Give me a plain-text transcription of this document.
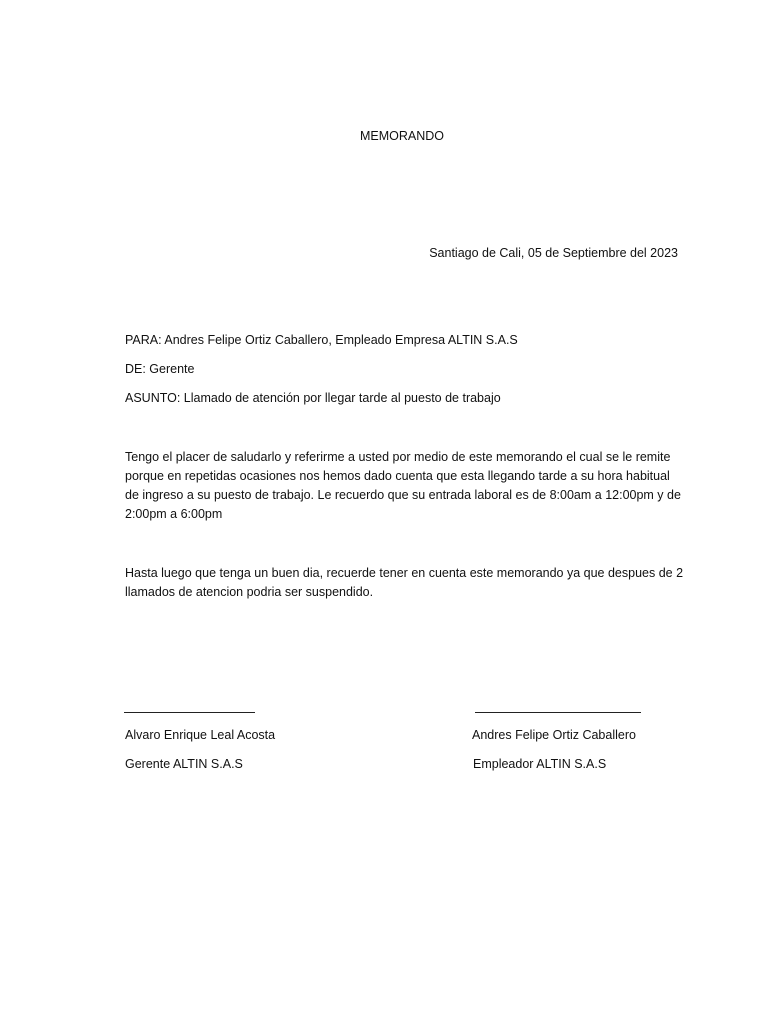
MEMORANDO
Santiago de Cali, 05 de Septiembre del 2023
PARA: Andres Felipe Ortiz Caballero, Empleado Empresa ALTIN S.A.S
DE: Gerente
ASUNTO: Llamado de atención por llegar tarde al puesto de trabajo
Tengo el placer de saludarlo y referirme a usted por medio de este memorando el cual se le remite porque en repetidas ocasiones nos hemos dado cuenta que esta llegando tarde a su hora habitual de ingreso a su puesto de trabajo. Le recuerdo que su entrada laboral es de 8:00am a 12:00pm y de 2:00pm a 6:00pm
Hasta luego que tenga un buen dia, recuerde tener en cuenta este memorando ya que despues de 2 llamados de atencion podria ser suspendido.
Alvaro Enrique Leal Acosta
Gerente ALTIN S.A.S
Andres Felipe Ortiz Caballero
Empleador ALTIN S.A.S
